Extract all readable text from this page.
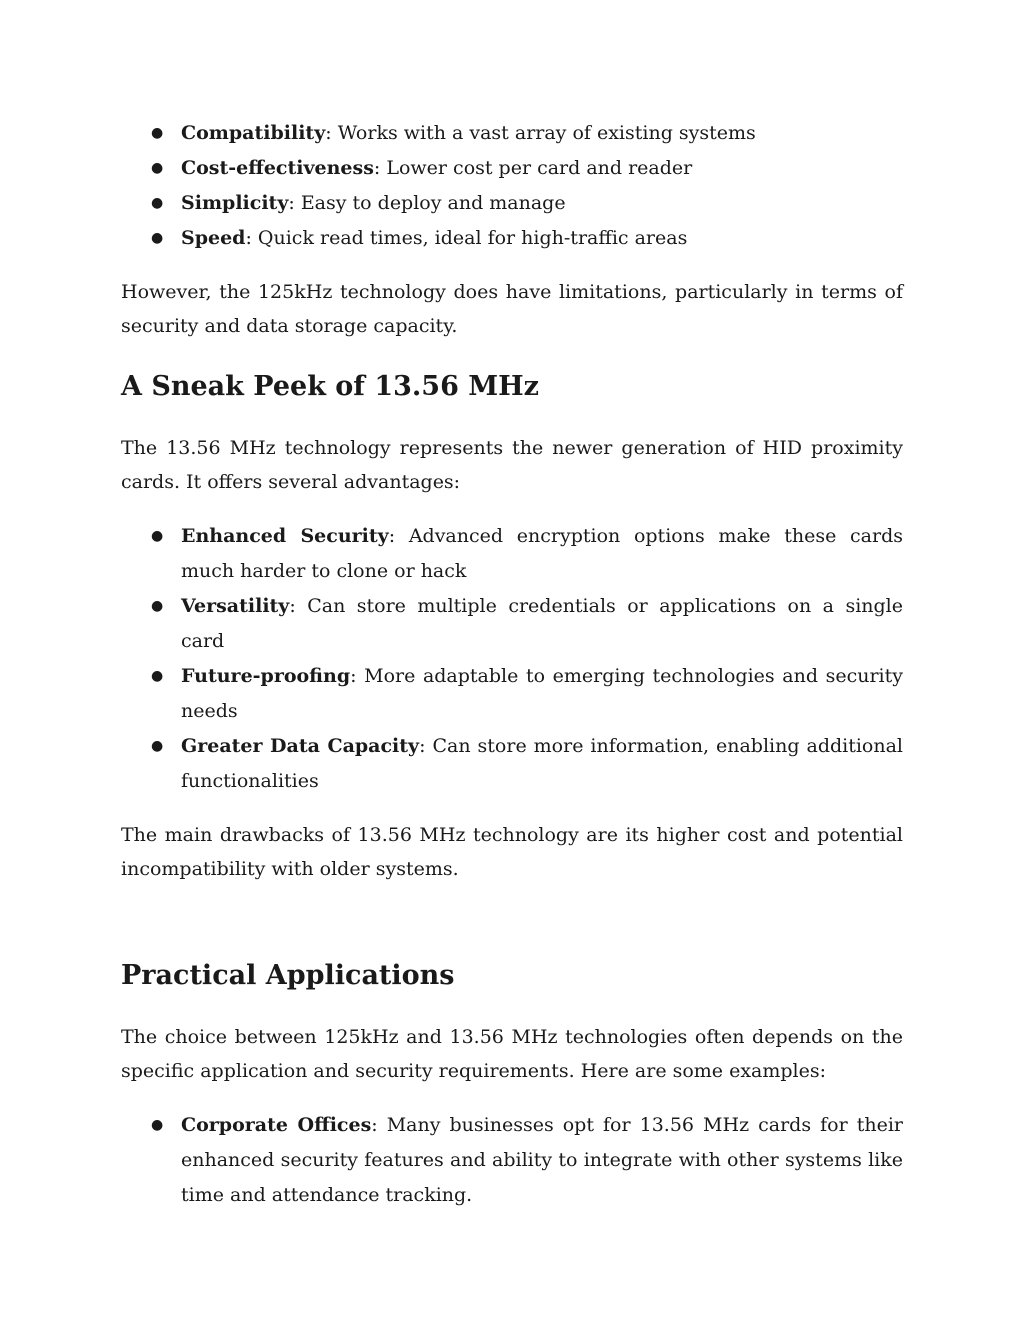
● Compatibility: Works with a vast array of existing systems
● Cost-effectiveness: Lower cost per card and reader
● Simplicity: Easy to deploy and manage
● Speed: Quick read times, ideal for high-traffic areas

However, the 125kHz technology does have limitations, particularly in terms of security and data storage capacity.

A Sneak Peek of 13.56 MHz

The 13.56 MHz technology represents the newer generation of HID proximity cards. It offers several advantages:

● Enhanced Security: Advanced encryption options make these cards much harder to clone or hack
● Versatility: Can store multiple credentials or applications on a single card
● Future-proofing: More adaptable to emerging technologies and security needs
● Greater Data Capacity: Can store more information, enabling additional functionalities

The main drawbacks of 13.56 MHz technology are its higher cost and potential incompatibility with older systems.

Practical Applications

The choice between 125kHz and 13.56 MHz technologies often depends on the specific application and security requirements. Here are some examples:

● Corporate Offices: Many businesses opt for 13.56 MHz cards for their enhanced security features and ability to integrate with other systems like time and attendance tracking.
